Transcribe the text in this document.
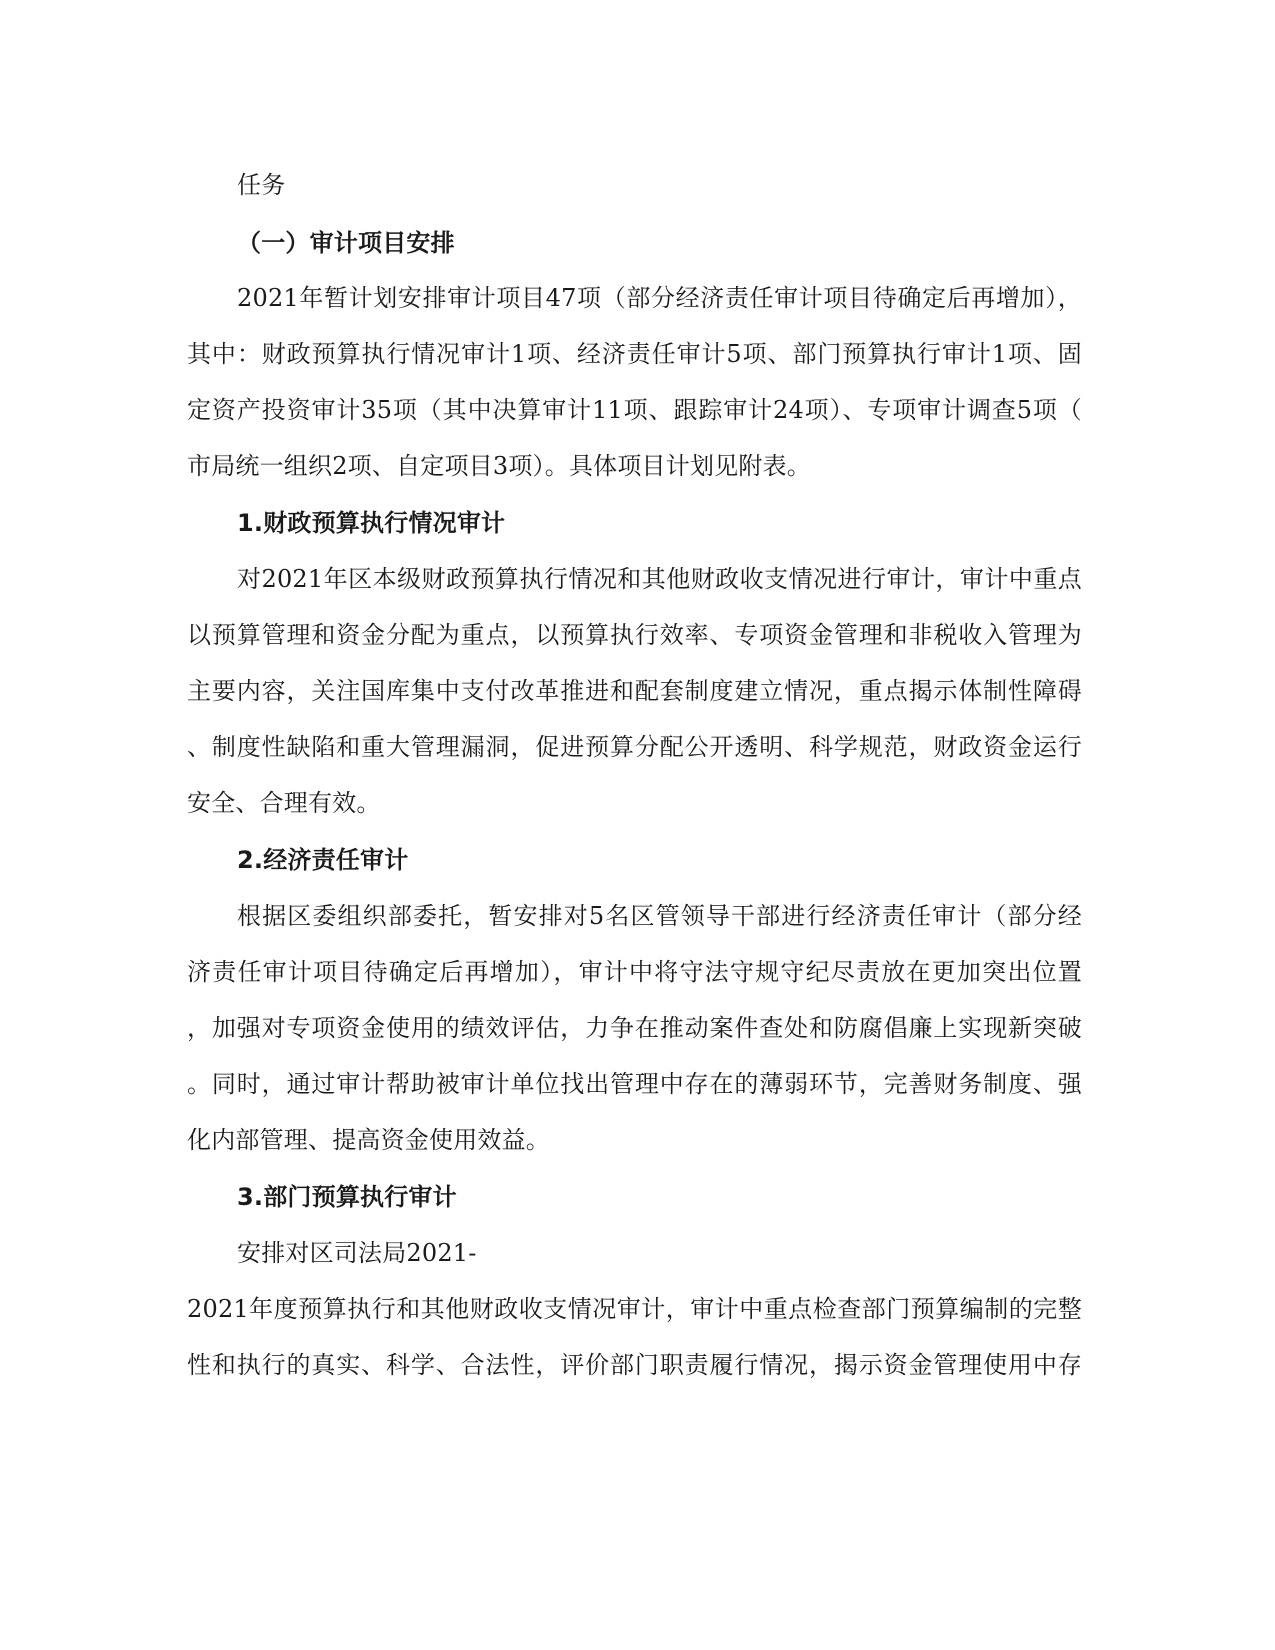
任务
（一）审计项目安排
2021年暂计划安排审计项目47项（部分经济责任审计项目待确定后再增加），
其中：财政预算执行情况审计1项、经济责任审计5项、部门预算执行审计1项、固
定资产投资审计35项（其中决算审计11项、跟踪审计24项）、专项审计调查5项（
市局统一组织2项、自定项目3项）。具体项目计划见附表。
1.财政预算执行情况审计
对2021年区本级财政预算执行情况和其他财政收支情况进行审计，审计中重点
以预算管理和资金分配为重点，以预算执行效率、专项资金管理和非税收入管理为
主要内容，关注国库集中支付改革推进和配套制度建立情况，重点揭示体制性障碍
、制度性缺陷和重大管理漏洞，促进预算分配公开透明、科学规范，财政资金运行
安全、合理有效。
2.经济责任审计
根据区委组织部委托，暂安排对5名区管领导干部进行经济责任审计（部分经
济责任审计项目待确定后再增加），审计中将守法守规守纪尽责放在更加突出位置
，加强对专项资金使用的绩效评估，力争在推动案件查处和防腐倡廉上实现新突破
。同时，通过审计帮助被审计单位找出管理中存在的薄弱环节，完善财务制度、强
化内部管理、提高资金使用效益。
3.部门预算执行审计
安排对区司法局2021-
2021年度预算执行和其他财政收支情况审计，审计中重点检查部门预算编制的完整
性和执行的真实、科学、合法性，评价部门职责履行情况，揭示资金管理使用中存
